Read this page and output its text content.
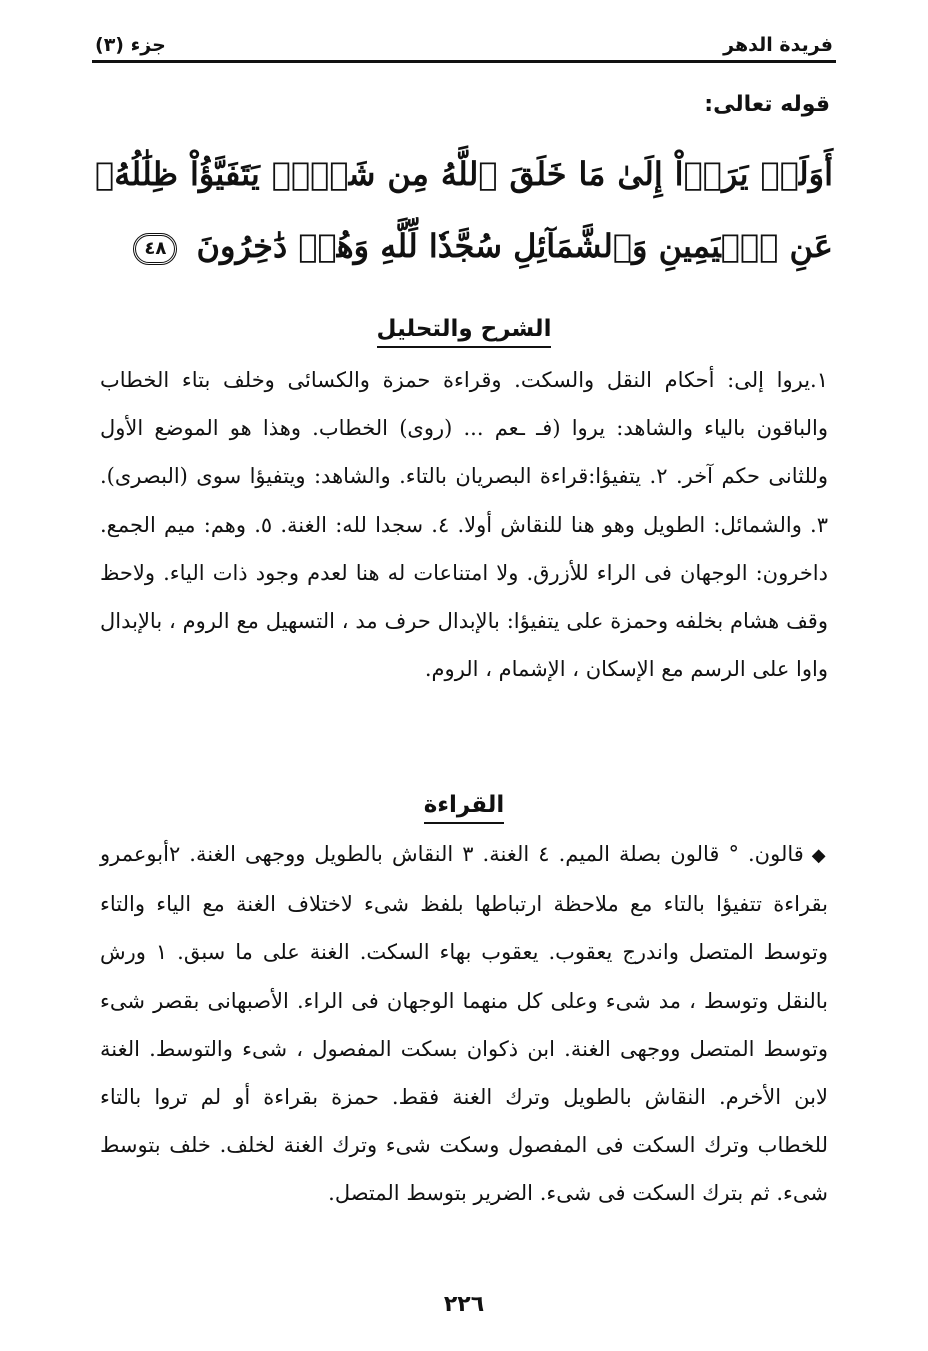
فريدة الدهر
جزء (٣)
قوله تعالى:
أَوَلَمۡ يَرَوۡاْ إِلَىٰ مَا خَلَقَ ٱللَّهُ مِن شَيۡءٖ يَتَفَيَّؤُاْ ظِلَٰلُهُۥ عَنِ ٱلۡيَمِينِ وَٱلشَّمَآئِلِ سُجَّدٗا لِّلَّهِ وَهُمۡ دَٰخِرُونَ ٤٨
الشرح والتحليل
١.يروا إلى: أحكام النقل والسكت. وقراءة حمزة والكسائى وخلف بتاء الخطاب والباقون بالياء والشاهد: يروا (فـ ـعم ... (روى) الخطاب. وهذا هو الموضع الأول وللثانى حكم آخر. ٢. يتفيؤا:قراءة البصريان بالتاء. والشاهد: ويتفيؤا سوى (البصرى). ٣. والشمائل: الطويل وهو هنا للنقاش أولا. ٤. سجدا لله: الغنة. ٥. وهم: ميم الجمع. داخرون: الوجهان فى الراء للأزرق. ولا امتناعات له هنا لعدم وجود ذات الياء. ولاحظ وقف هشام بخلفه وحمزة على يتفيؤا: بالإبدال حرف مد ، التسهيل مع الروم ، بالإبدال واوا على الرسم مع الإسكان ، الإشمام ، الروم.
القراءة
◆قالون. ° قالون بصلة الميم. ٤ الغنة. ٣ النقاش بالطويل ووجهى الغنة. ٢أبوعمرو بقراءة تتفيؤا بالتاء مع ملاحظة ارتباطها بلفظ شىء لاختلاف الغنة مع الياء والتاء وتوسط المتصل واندرج يعقوب. يعقوب بهاء السكت. الغنة على ما سبق. ١ ورش بالنقل وتوسط ، مد شىء وعلى كل منهما الوجهان فى الراء. الأصبهانى بقصر شىء وتوسط المتصل ووجهى الغنة. ابن ذكوان بسكت المفصول ، شىء والتوسط. الغنة لابن الأخرم. النقاش بالطويل وترك الغنة فقط. حمزة بقراءة أو لم تروا بالتاء للخطاب وترك السكت فى المفصول وسكت شىء وترك الغنة لخلف. خلف بتوسط شىء. ثم بترك السكت فى شىء. الضرير بتوسط المتصل.
٢٢٦
